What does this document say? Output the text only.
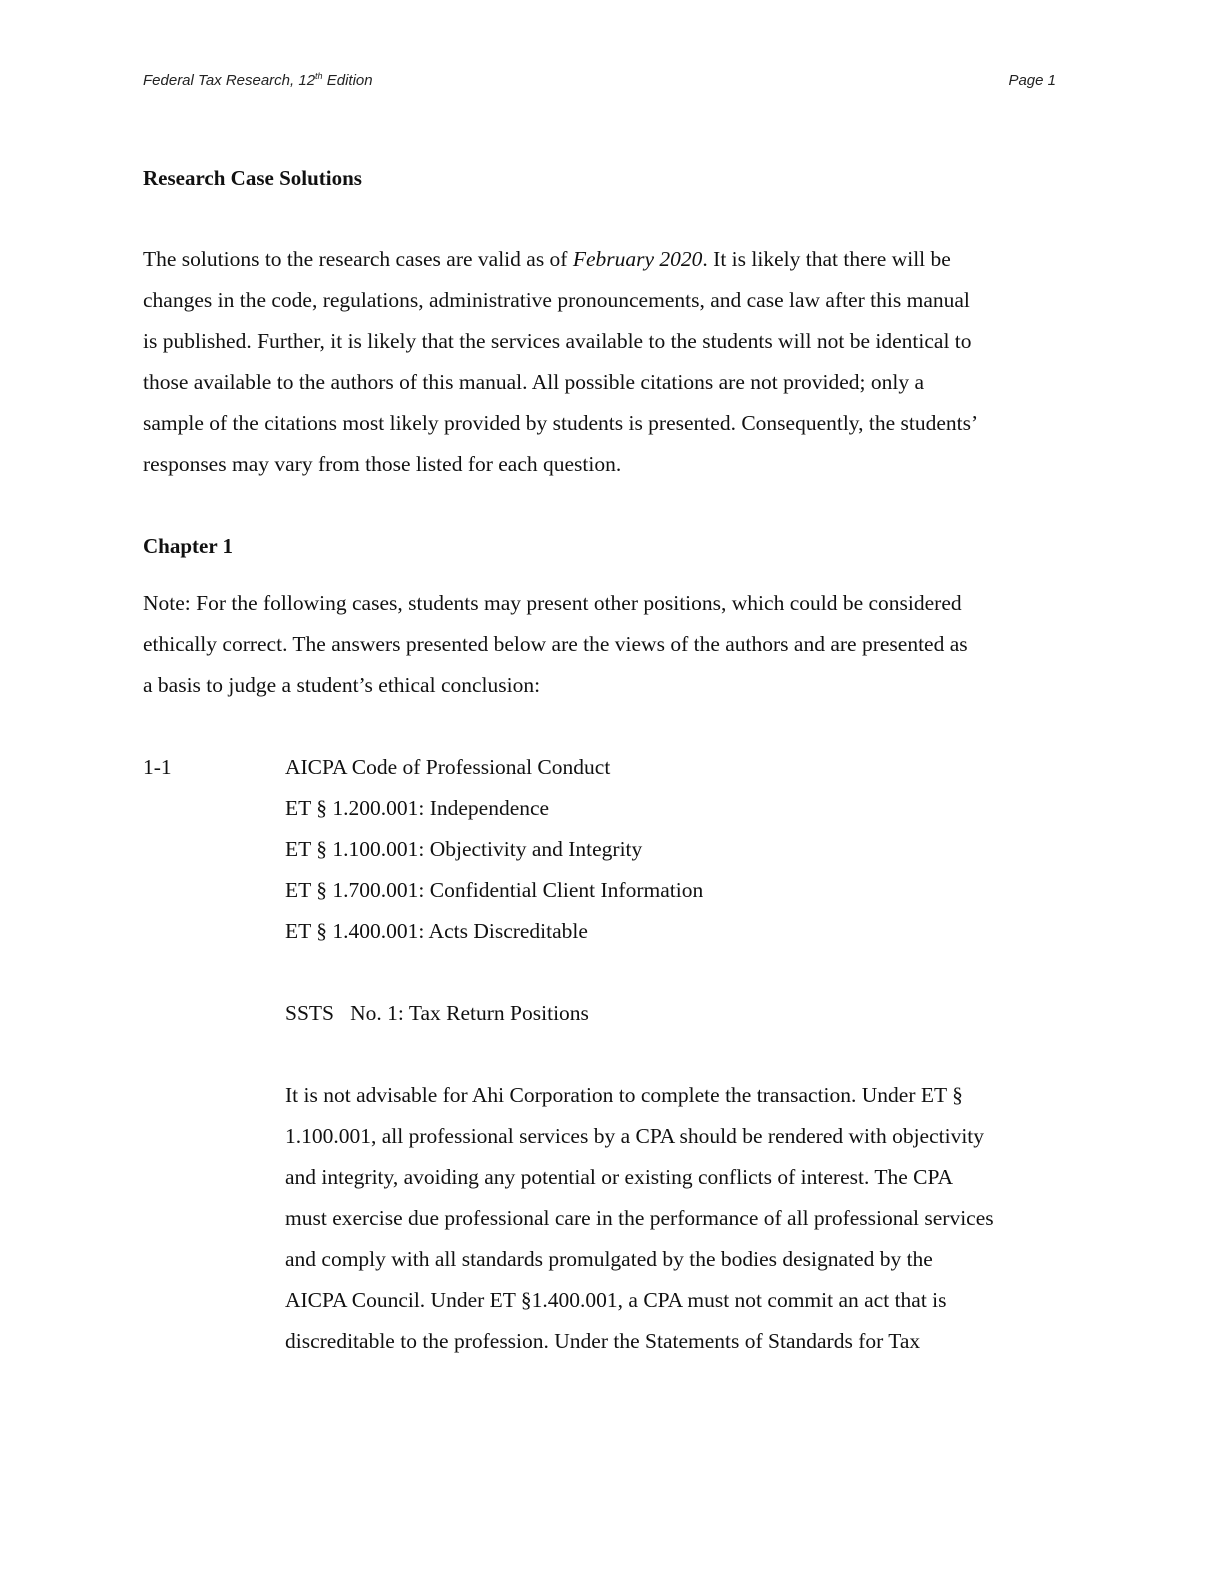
Federal Tax Research, 12th Edition	Page 1
Research Case Solutions
The solutions to the research cases are valid as of February 2020. It is likely that there will be
changes in the code, regulations, administrative pronouncements, and case law after this manual
is published. Further, it is likely that the services available to the students will not be identical to
those available to the authors of this manual. All possible citations are not provided; only a
sample of the citations most likely provided by students is presented. Consequently, the students’
responses may vary from those listed for each question.
Chapter 1
Note: For the following cases, students may present other positions, which could be considered
ethically correct. The answers presented below are the views of the authors and are presented as
a basis to judge a student’s ethical conclusion:
1-1	AICPA Code of Professional Conduct
ET § 1.200.001: Independence
ET § 1.100.001: Objectivity and Integrity
ET § 1.700.001: Confidential Client Information
ET § 1.400.001: Acts Discreditable
SSTS   No. 1: Tax Return Positions
It is not advisable for Ahi Corporation to complete the transaction. Under ET §
1.100.001, all professional services by a CPA should be rendered with objectivity
and integrity, avoiding any potential or existing conflicts of interest. The CPA
must exercise due professional care in the performance of all professional services
and comply with all standards promulgated by the bodies designated by the
AICPA Council. Under ET §1.400.001, a CPA must not commit an act that is
discreditable to the profession. Under the Statements of Standards for Tax
